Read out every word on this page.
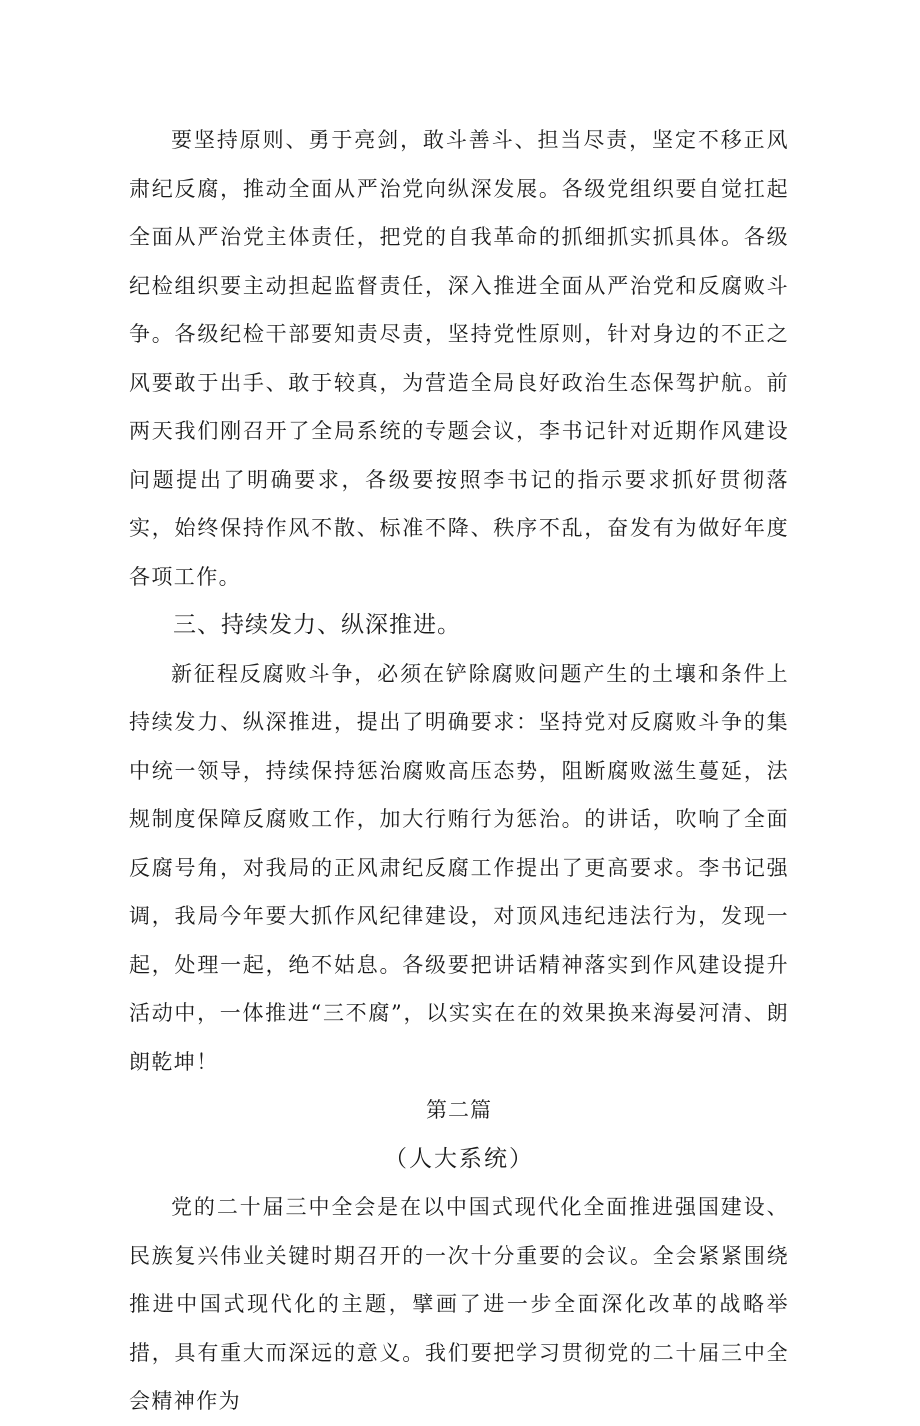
要坚持原则、勇于亮剑，敢斗善斗、担当尽责，坚定不移正风肃纪反腐，推动全面从严治党向纵深发展。各级党组织要自觉扛起全面从严治党主体责任，把党的自我革命的抓细抓实抓具体。各级纪检组织要主动担起监督责任，深入推进全面从严治党和反腐败斗争。各级纪检干部要知责尽责，坚持党性原则，针对身边的不正之风要敢于出手、敢于较真，为营造全局良好政治生态保驾护航。前两天我们刚召开了全局系统的专题会议，李书记针对近期作风建设问题提出了明确要求，各级要按照李书记的指示要求抓好贯彻落实，始终保持作风不散、标准不降、秩序不乱，奋发有为做好年度各项工作。

三、持续发力、纵深推进。

新征程反腐败斗争，必须在铲除腐败问题产生的土壤和条件上持续发力、纵深推进，提出了明确要求：坚持党对反腐败斗争的集中统一领导，持续保持惩治腐败高压态势，阻断腐败滋生蔓延，法规制度保障反腐败工作，加大行贿行为惩治。的讲话，吹响了全面反腐号角，对我局的正风肃纪反腐工作提出了更高要求。李书记强调，我局今年要大抓作风纪律建设，对顶风违纪违法行为，发现一起，处理一起，绝不姑息。各级要把讲话精神落实到作风建设提升活动中，一体推进“三不腐”，以实实在在的效果换来海晏河清、朗朗乾坤！

第二篇

（人大系统）

党的二十届三中全会是在以中国式现代化全面推进强国建设、民族复兴伟业关键时期召开的一次十分重要的会议。全会紧紧围绕推进中国式现代化的主题，擘画了进一步全面深化改革的战略举措，具有重大而深远的意义。我们要把学习贯彻党的二十届三中全会精神作为
